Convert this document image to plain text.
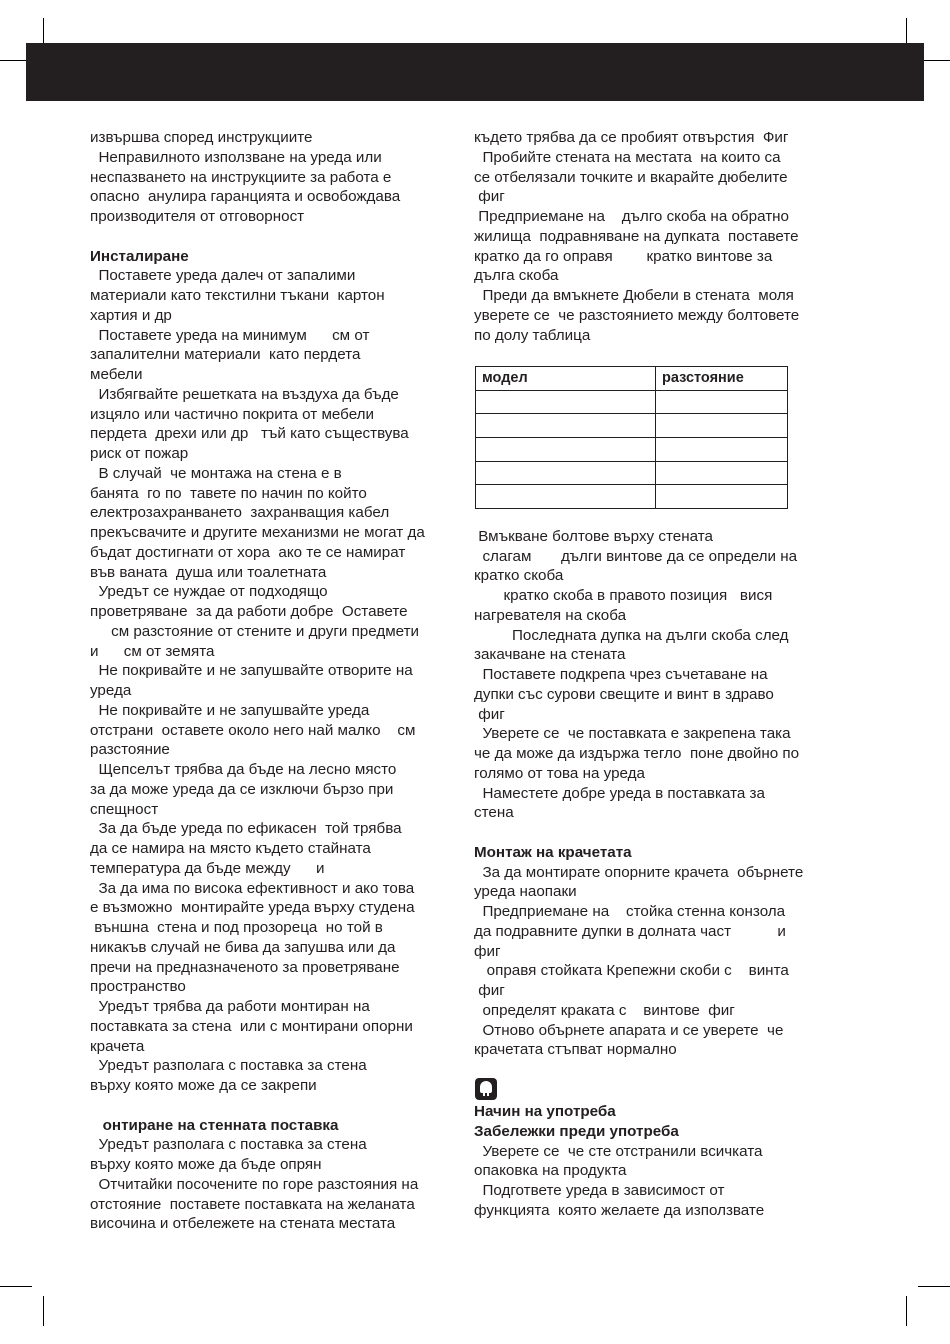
извършва според инструкциите
Неправилното използване на уреда или
неспазването на инструкциите за работа е
опасно  анулира гаранцията и освобождава
производителя от отговорност
Инсталиране
Поставете уреда далеч от запалими
материали като текстилни тъкани  картон
хартия и др
Поставете уреда на минимум      см от
запалителни материали  като пердета
мебели
Избягвайте решетката на въздуха да бъде
изцяло или частично покрита от мебели
пердета  дрехи или др   тъй като съществува
риск от пожар
В случай  че монтажа на стена е в
банята  го по  тавете по начин по който
електрозахранването  захранващия кабел
прекъсвачите и другите механизми не могат да
бъдат достигнати от хора  ако те се намират
във ваната  душа или тоалетната
Уредът се нуждае от подходящо
проветряване  за да работи добре  Оставете
см разстояние от стените и други предмети
и      см от земята
Не покривайте и не запушвайте отворите на
уреда
Не покривайте и не запушвайте уреда
отстрани  оставете около него най малко    см
разстояние
Щепселът трябва да бъде на лесно място
за да може уреда да се изключи бързо при
спещност
За да бъде уреда по ефикасен  той трябва
да се намира на място където стайната
температура да бъде между      и
За да има по висока ефективност и ако това
е възможно  монтирайте уреда върху студена
външна  стена и под прозореца  но той в
никакъв случай не бива да запушва или да
пречи на предназначеното за проветряване
пространство
Уредът трябва да работи монтиран на
поставката за стена  или с монтирани опорни
крачета
Уредът разполага с поставка за стена
върху която може да се закрепи
онтиране на стенната поставка
Уредът разполага с поставка за стена
върху която може да бъде опрян
Отчитайки посочените по горе разстояния на
отстояние  поставете поставката на желаната
височина и отбележете на стената местата
където трябва да се пробият отвърстия  Фиг
Пробийте стената на местата  на които са
се отбелязали точките и вкарайте дюбелите
фиг
Предприемане на    дълго скоба на обратно
жилища  подравняване на дупката  поставете
кратко да го оправя        кратко винтове за
дълга скоба
Преди да вмъкнете Дюбели в стената  моля
уверете се  че разстоянието между болтовете
по долу таблица
модел	разстояние

Вмъкване болтове върху стената
слагам       дълги винтове да се определи на
кратко скоба
кратко скоба в правото позиция   вися
нагревателя на скоба
Последната дупка на дълги скоба след
закачване на стената
Поставете подкрепа чрез съчетаване на
дупки със сурови свещите и винт в здраво
фиг
Уверете се  че поставката е закрепена така
че да може да издържа тегло  поне двойно по
голямо от това на уреда
Наместете добре уреда в поставката за
стена
Монтаж на крачетата
За да монтирате опорните крачета  обърнете
уреда наопаки
Предприемане на    стойка стенна конзола
да подравните дупки в долната част           и
фиг
оправя стойката Крепежни скоби с    винта
фиг
определят краката с    винтове  фиг
Отново обърнете апарата и се уверете  че
крачетата стъпват нормално
Начин на употреба
Забележки преди употреба
Уверете се  че сте отстранили всичката
опаковка на продукта
Подгответе уреда в зависимост от
функцията  която желаете да използвате
